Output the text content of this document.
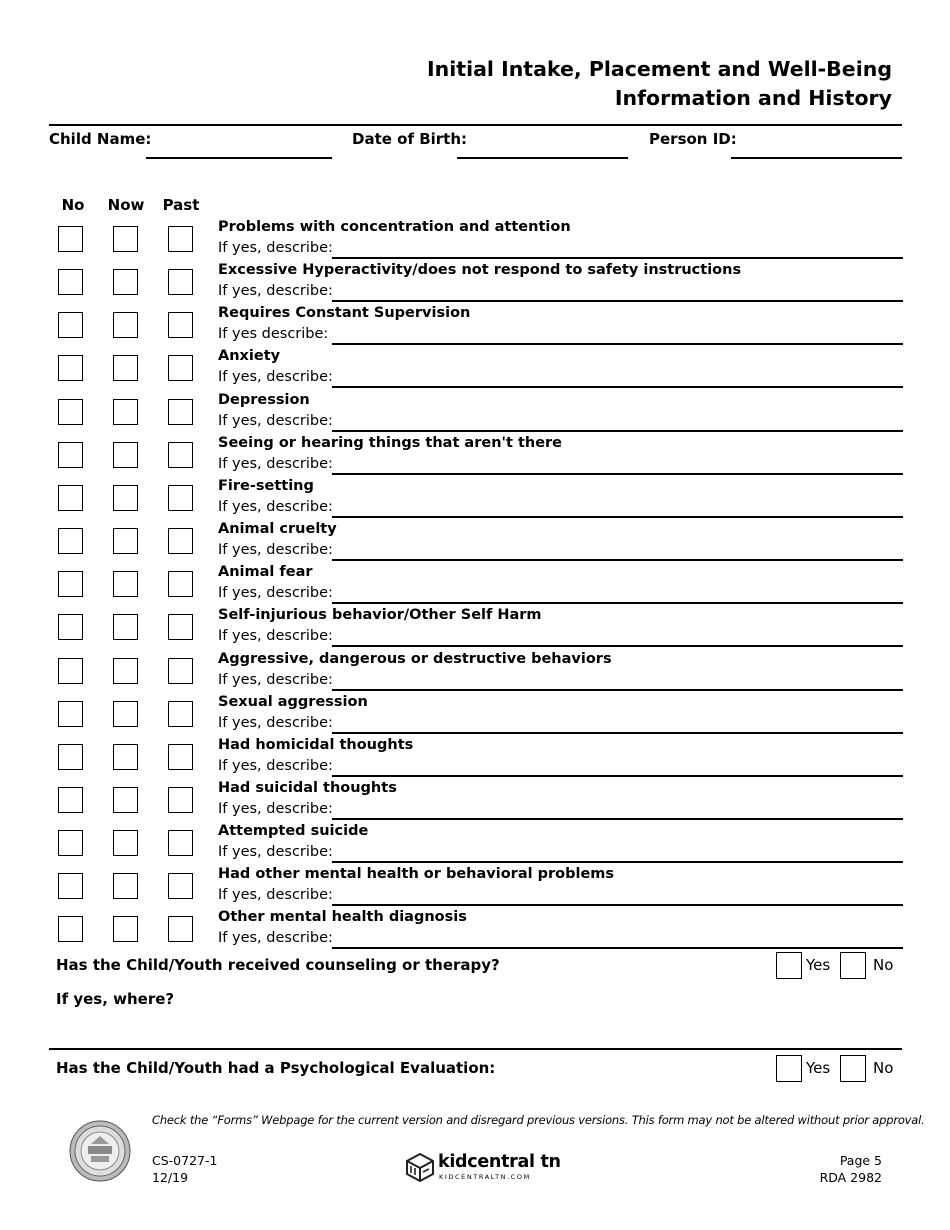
Initial Intake, Placement and Well-Being
Information and History
Child Name:	Date of Birth:	Person ID:
No	Now	Past
Problems with concentration and attention
If yes, describe:
Excessive Hyperactivity/does not respond to safety instructions
If yes, describe:
Requires Constant Supervision
If yes describe:
Anxiety
If yes, describe:
Depression
If yes, describe:
Seeing or hearing things that aren't there
If yes, describe:
Fire-setting
If yes, describe:
Animal cruelty
If yes, describe:
Animal fear
If yes, describe:
Self-injurious behavior/Other Self Harm
If yes, describe:
Aggressive, dangerous or destructive behaviors
If yes, describe:
Sexual aggression
If yes, describe:
Had homicidal thoughts
If yes, describe:
Had suicidal thoughts
If yes, describe:
Attempted suicide
If yes, describe:
Had other mental health or behavioral problems
If yes, describe:
Other mental health diagnosis
If yes, describe:
Has the Child/Youth received counseling or therapy?	Yes	No
If yes, where?
Has the Child/Youth had a Psychological Evaluation:	Yes	No
Check the “Forms” Webpage for the current version and disregard previous versions. This form may not be altered without prior approval.
CS-0727-1
12/19
kidcentral tn
KIDCENTRALTN.COM
Page 5
RDA 2982
